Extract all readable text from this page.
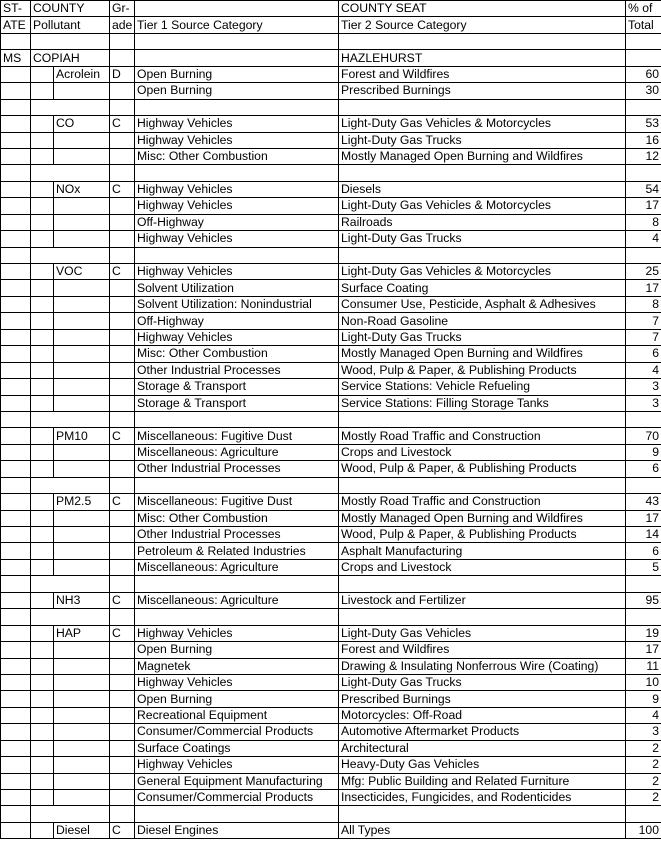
ST-	COUNTY		Gr-		COUNTY SEAT	% of
ATE	Pollutant		ade	Tier 1 Source Category	Tier 2 Source Category	Total

MS	COPIAH				HAZLEHURST	
		Acrolein	D	Open Burning	Forest and Wildfires	60
				Open Burning	Prescribed Burnings	30

		CO	C	Highway Vehicles	Light-Duty Gas Vehicles & Motorcycles	53
				Highway Vehicles	Light-Duty Gas Trucks	16
				Misc: Other Combustion	Mostly Managed Open Burning and Wildfires	12

		NOx	C	Highway Vehicles	Diesels	54
				Highway Vehicles	Light-Duty Gas Vehicles & Motorcycles	17
				Off-Highway	Railroads	8
				Highway Vehicles	Light-Duty Gas Trucks	4

		VOC	C	Highway Vehicles	Light-Duty Gas Vehicles & Motorcycles	25
				Solvent Utilization	Surface Coating	17
				Solvent Utilization: Nonindustrial	Consumer Use, Pesticide, Asphalt & Adhesives	8
				Off-Highway	Non-Road Gasoline	7
				Highway Vehicles	Light-Duty Gas Trucks	7
				Misc: Other Combustion	Mostly Managed Open Burning and Wildfires	6
				Other Industrial Processes	Wood, Pulp & Paper, & Publishing Products	4
				Storage & Transport	Service Stations: Vehicle Refueling	3
				Storage & Transport	Service Stations: Filling Storage Tanks	3

		PM10	C	Miscellaneous: Fugitive Dust	Mostly Road Traffic and Construction	70
				Miscellaneous: Agriculture	Crops and Livestock	9
				Other Industrial Processes	Wood, Pulp & Paper, & Publishing Products	6

		PM2.5	C	Miscellaneous: Fugitive Dust	Mostly Road Traffic and Construction	43
				Misc: Other Combustion	Mostly Managed Open Burning and Wildfires	17
				Other Industrial Processes	Wood, Pulp & Paper, & Publishing Products	14
				Petroleum & Related Industries	Asphalt Manufacturing	6
				Miscellaneous: Agriculture	Crops and Livestock	5

		NH3	C	Miscellaneous: Agriculture	Livestock and Fertilizer	95

		HAP	C	Highway Vehicles	Light-Duty Gas Vehicles	19
				Open Burning	Forest and Wildfires	17
				Magnetek	Drawing & Insulating Nonferrous Wire (Coating)	11
				Highway Vehicles	Light-Duty Gas Trucks	10
				Open Burning	Prescribed Burnings	9
				Recreational Equipment	Motorcycles: Off-Road	4
				Consumer/Commercial Products	Automotive Aftermarket Products	3
				Surface Coatings	Architectural	2
				Highway Vehicles	Heavy-Duty Gas Vehicles	2
				General Equipment Manufacturing	Mfg: Public Building and Related Furniture	2
				Consumer/Commercial Products	Insecticides, Fungicides, and Rodenticides	2

		Diesel	C	Diesel Engines	All Types	100
